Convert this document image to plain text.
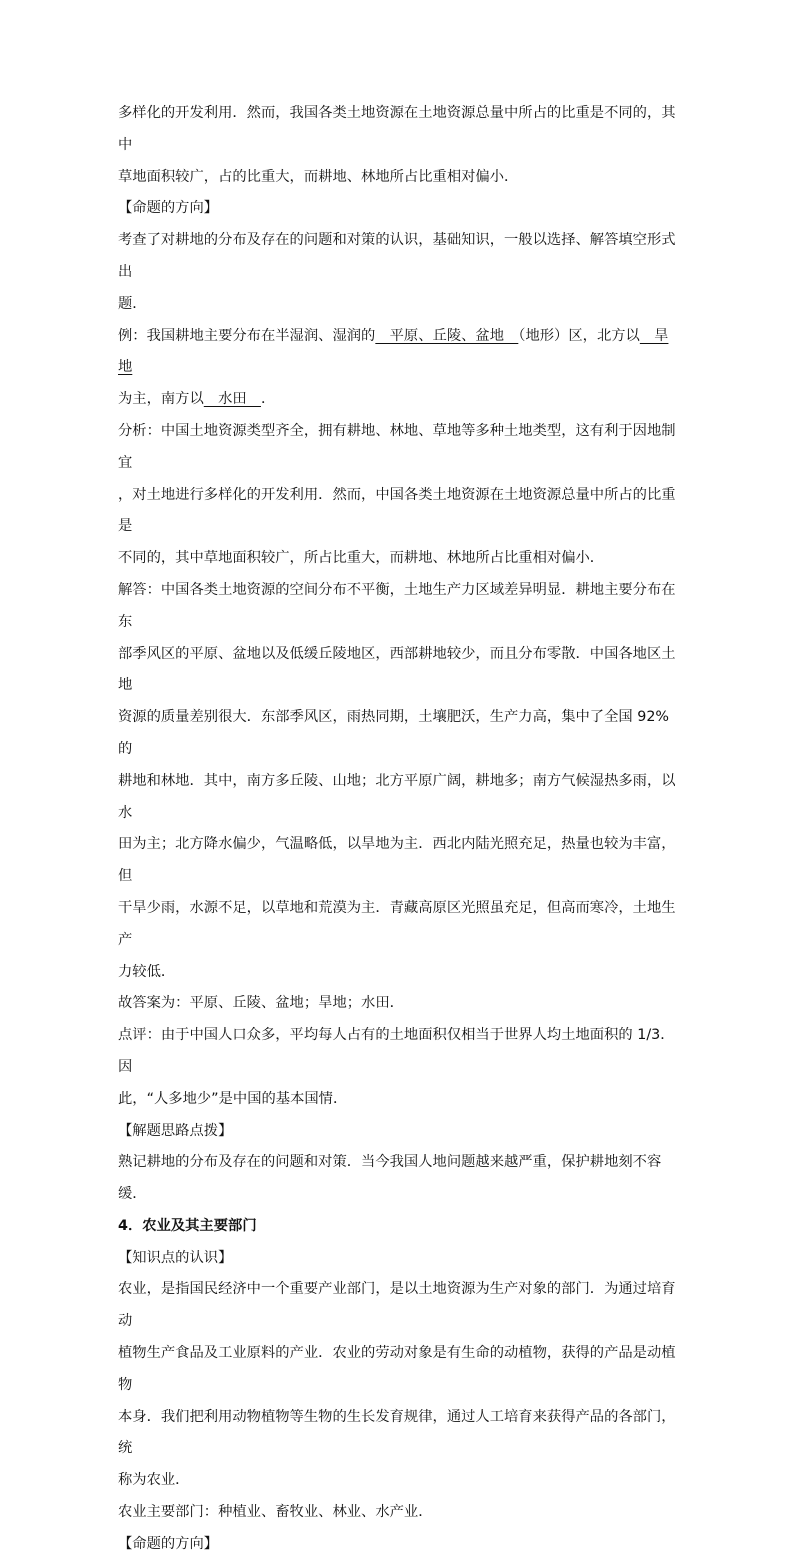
多样化的开发利用．然而，我国各类土地资源在土地资源总量中所占的比重是不同的，其中

草地面积较广，占的比重大，而耕地、林地所占比重相对偏小．

【命题的方向】

考查了对耕地的分布及存在的问题和对策的认识，基础知识，一般以选择、解答填空形式出

题．

例：我国耕地主要分布在半湿润、湿润的　平原、丘陵、盆地　（地形）区，北方以　旱地

为主，南方以　水田　．

分析：中国土地资源类型齐全，拥有耕地、林地、草地等多种土地类型，这有利于因地制宜

，对土地进行多样化的开发利用．然而，中国各类土地资源在土地资源总量中所占的比重是

不同的，其中草地面积较广，所占比重大，而耕地、林地所占比重相对偏小．

解答：中国各类土地资源的空间分布不平衡，土地生产力区域差异明显．耕地主要分布在东

部季风区的平原、盆地以及低缓丘陵地区，西部耕地较少，而且分布零散．中国各地区土地

资源的质量差别很大．东部季风区，雨热同期，土壤肥沃，生产力高，集中了全国 92%的

耕地和林地．其中，南方多丘陵、山地；北方平原广阔，耕地多；南方气候湿热多雨，以水

田为主；北方降水偏少，气温略低，以旱地为主．西北内陆光照充足，热量也较为丰富，但

干旱少雨，水源不足，以草地和荒漠为主．青藏高原区光照虽充足，但高而寒冷，土地生产

力较低．

故答案为：平原、丘陵、盆地；旱地；水田．

点评：由于中国人口众多，平均每人占有的土地面积仅相当于世界人均土地面积的 1/3．因

此，“人多地少”是中国的基本国情．

【解题思路点拨】

熟记耕地的分布及存在的问题和对策．当今我国人地问题越来越严重，保护耕地刻不容缓．

4．农业及其主要部门

【知识点的认识】

农业，是指国民经济中一个重要产业部门，是以土地资源为生产对象的部门．为通过培育动

植物生产食品及工业原料的产业．农业的劳动对象是有生命的动植物，获得的产品是动植物

本身．我们把利用动物植物等生物的生长发育规律，通过人工培育来获得产品的各部门，统

称为农业．

农业主要部门：种植业、畜牧业、林业、水产业．

【命题的方向】
